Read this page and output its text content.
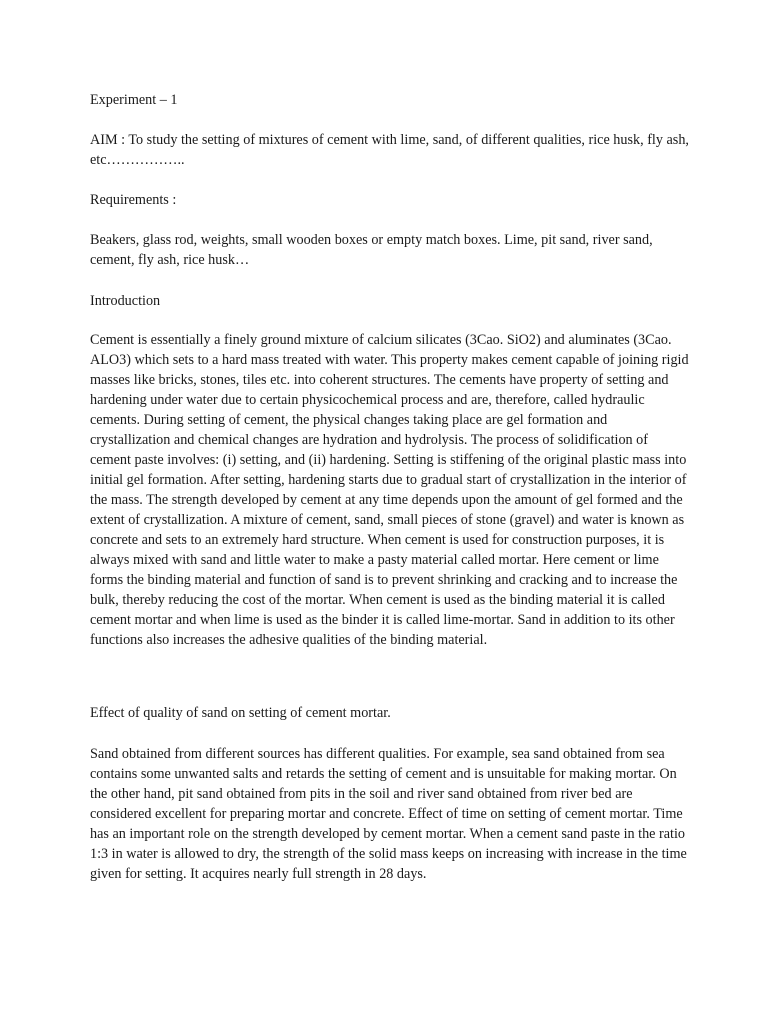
Experiment – 1

AIM : To study the setting of mixtures of cement with lime, sand, of different qualities, rice husk, fly ash, etc……………..

Requirements :

Beakers, glass rod, weights, small wooden boxes or empty match boxes. Lime, pit sand, river sand, cement, fly ash, rice husk…

Introduction

Cement is essentially a finely ground mixture of calcium silicates (3Cao. SiO2) and aluminates (3Cao. ALO3) which sets to a hard mass treated with water. This property makes cement capable of joining rigid masses like bricks, stones, tiles etc. into coherent structures. The cements have property of setting and hardening under water due to certain physicochemical process and are, therefore, called hydraulic cements. During setting of cement, the physical changes taking place are gel formation and crystallization and chemical changes are hydration and hydrolysis. The process of solidification of cement paste involves: (i) setting, and (ii) hardening. Setting is stiffening of the original plastic mass into initial gel formation. After setting, hardening starts due to gradual start of crystallization in the interior of the mass. The strength developed by cement at any time depends upon the amount of gel formed and the extent of crystallization. A mixture of cement, sand, small pieces of stone (gravel) and water is known as concrete and sets to an extremely hard structure. When cement is used for construction purposes, it is always mixed with sand and little water to make a pasty material called mortar. Here cement or lime forms the binding material and function of sand is to prevent shrinking and cracking and to increase the bulk, thereby reducing the cost of the mortar. When cement is used as the binding material it is called cement mortar and when lime is used as the binder it is called lime-mortar. Sand in addition to its other functions also increases the adhesive qualities of the binding material.

Effect of quality of sand on setting of cement mortar.

Sand obtained from different sources has different qualities. For example, sea sand obtained from sea contains some unwanted salts and retards the setting of cement and is unsuitable for making mortar. On the other hand, pit sand obtained from pits in the soil and river sand obtained from river bed are considered excellent for preparing mortar and concrete. Effect of time on setting of cement mortar. Time has an important role on the strength developed by cement mortar. When a cement sand paste in the ratio 1:3 in water is allowed to dry, the strength of the solid mass keeps on increasing with increase in the time given for setting. It acquires nearly full strength in 28 days.
